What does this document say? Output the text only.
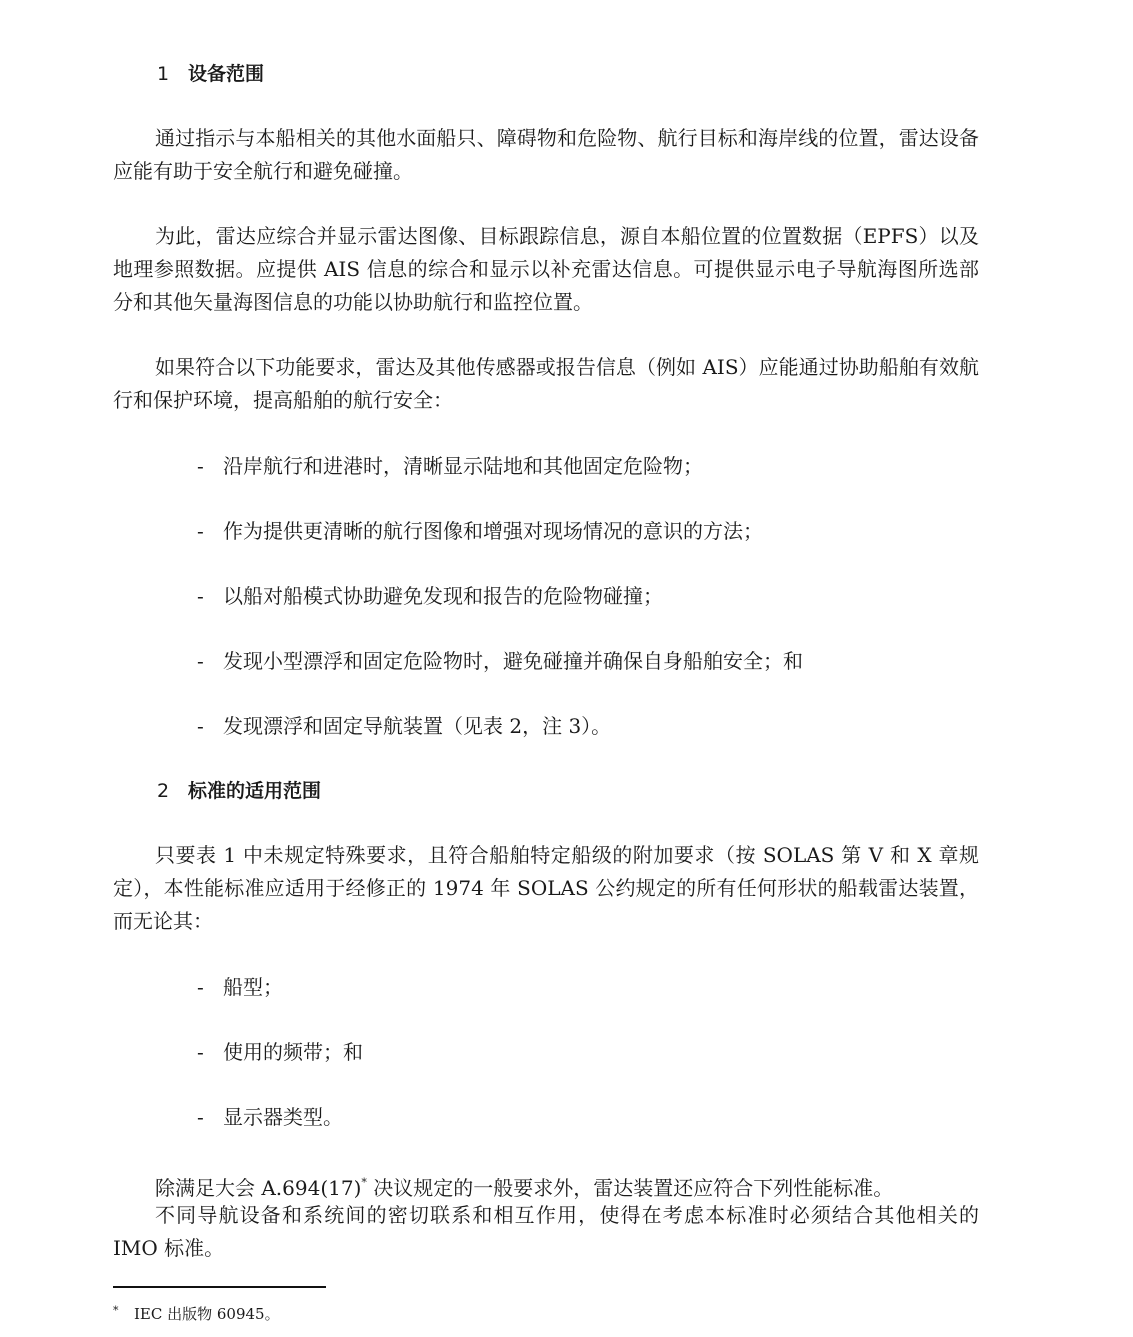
1 设备范围

通过指示与本船相关的其他水面船只、障碍物和危险物、航行目标和海岸线的位置，雷达设备应能有助于安全航行和避免碰撞。

为此，雷达应综合并显示雷达图像、目标跟踪信息，源自本船位置的位置数据（EPFS）以及地理参照数据。应提供 AIS 信息的综合和显示以补充雷达信息。可提供显示电子导航海图所选部分和其他矢量海图信息的功能以协助航行和监控位置。

如果符合以下功能要求，雷达及其他传感器或报告信息（例如 AIS）应能通过协助船舶有效航行和保护环境，提高船舶的航行安全：

- 沿岸航行和进港时，清晰显示陆地和其他固定危险物；
- 作为提供更清晰的航行图像和增强对现场情况的意识的方法；
- 以船对船模式协助避免发现和报告的危险物碰撞；
- 发现小型漂浮和固定危险物时，避免碰撞并确保自身船舶安全；和
- 发现漂浮和固定导航装置（见表 2，注 3）。
2 标准的适用范围

只要表 1 中未规定特殊要求，且符合船舶特定船级的附加要求（按 SOLAS 第 V 和 X 章规定），本性能标准应适用于经修正的 1974 年 SOLAS 公约规定的所有任何形状的船载雷达装置，而无论其：

- 船型；
- 使用的频带；和
- 显示器类型。

除满足大会 A.694(17)* 决议规定的一般要求外，雷达装置还应符合下列性能标准。

不同导航设备和系统间的密切联系和相互作用，使得在考虑本标准时必须结合其他相关的 IMO 标准。

* IEC 出版物 60945。
